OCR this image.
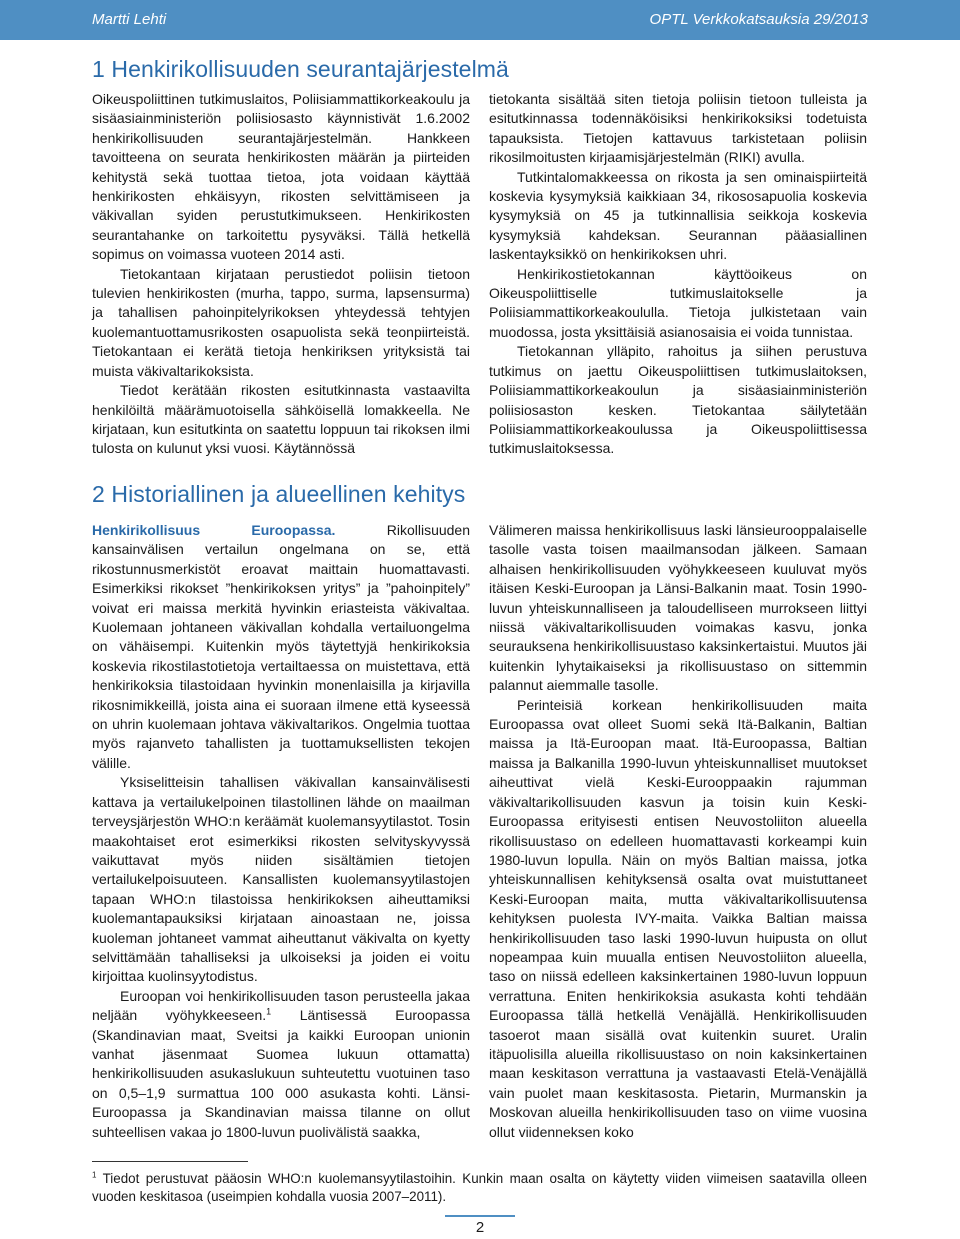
Martti Lehti	OPTL Verkkokatsauksia 29/2013
1 Henkirikollisuuden seurantajärjestelmä

Oikeuspoliittinen tutkimuslaitos, Poliisiammattikorkeakoulu ja sisäasiainministeriön poliisiosasto käynnistivät 1.6.2002 henkirikollisuuden seurantajärjestelmän. Hankkeen tavoitteena on seurata henkirikosten määrän ja piirteiden kehitystä sekä tuottaa tietoa, jota voidaan käyttää henkirikosten ehkäisyyn, rikosten selvittämiseen ja väkivallan syiden perustutkimukseen. Henkirikosten seurantahanke on tarkoitettu pysyväksi. Tällä hetkellä sopimus on voimassa vuoteen 2014 asti.

Tietokantaan kirjataan perustiedot poliisin tietoon tulevien henkirikosten (murha, tappo, surma, lapsensurma) ja tahallisen pahoinpitelyrikoksen yhteydessä tehtyjen kuolemantuottamusrikosten osapuolista sekä teonpiirteistä. Tietokantaan ei kerätä tietoja henkiriksen yrityksistä tai muista väkivaltarikoksista.

Tiedot kerätään rikosten esitutkinnasta vastaavilta henkilöiltä määrämuotoisella sähköisellä lomakkeella. Ne kirjataan, kun esitutkinta on saatettu loppuun tai rikoksen ilmi tulosta on kulunut yksi vuosi. Käytännössä

tietokanta sisältää siten tietoja poliisin tietoon tulleista ja esitutkinnassa todennäköisiksi henkirikoksiksi todetuista tapauksista. Tietojen kattavuus tarkistetaan poliisin rikosilmoitusten kirjaamisjärjestelmän (RIKI) avulla.

Tutkintalomakkeessa on rikosta ja sen ominaispiirteitä koskevia kysymyksiä kaikkiaan 34, rikososapuolia koskevia kysymyksiä on 45 ja tutkinnallisia seikkoja koskevia kysymyksiä kahdeksan. Seurannan pääasiallinen laskentayksikkö on henkirikoksen uhri.

Henkirikostietokannan käyttöoikeus on Oikeuspoliittiselle tutkimuslaitokselle ja Poliisiammattikorkeakoululla. Tietoja julkistetaan vain muodossa, josta yksittäisiä asianosaisia ei voida tunnistaa.

Tietokannan ylläpito, rahoitus ja siihen perustuva tutkimus on jaettu Oikeuspoliittisen tutkimuslaitoksen, Poliisiammattikorkeakoulun ja sisäasiainministeriön poliisiosaston kesken. Tietokantaa säilytetään Poliisiammattikorkeakoulussa ja Oikeuspoliittisessa tutkimuslaitoksessa.

2 Historiallinen ja alueellinen kehitys

Henkirikollisuus Euroopassa. Rikollisuuden kansainvälisen vertailun ongelmana on se, että rikostunnusmerkistöt eroavat maittain huomattavasti. Esimerkiksi rikokset ”henkirikoksen yritys” ja ”pahoinpitely” voivat eri maissa merkitä hyvinkin eriasteista väkivaltaa. Kuolemaan johtaneen väkivallan kohdalla vertailuongelma on vähäisempi. Kuitenkin myös täytettyjä henkirikoksia koskevia rikostilastotietoja vertailtaessa on muistettava, että henkirikoksia tilastoidaan hyvinkin monenlaisilla ja kirjavilla rikosnimikkeillä, joista aina ei suoraan ilmene että kyseessä on uhrin kuolemaan johtava väkivaltarikos. Ongelmia tuottaa myös rajanveto tahallisten ja tuottamuksellisten tekojen välille.

Yksiselitteisin tahallisen väkivallan kansainvälisesti kattava ja vertailukelpoinen tilastollinen lähde on maailman terveysjärjestön WHO:n keräämät kuolemansyytilastot. Tosin maakohtaiset erot esimerkiksi rikosten selvityskyvyssä vaikuttavat myös niiden sisältämien tietojen vertailukelpoisuuteen. Kansallisten kuolemansyytilastojen tapaan WHO:n tilastoissa henkirikoksen aiheuttamiksi kuolemantapauksiksi kirjataan ainoastaan ne, joissa kuoleman johtaneet vammat aiheuttanut väkivalta on kyetty selvittämään tahalliseksi ja ulkoiseksi ja joiden ei voitu kirjoittaa kuolinsyytodistus.

Euroopan voi henkirikollisuuden tason perusteella jakaa neljään vyöhykkeeseen.$^1$ Läntisessä Euroopassa (Skandinavian maat, Sveitsi ja kaikki Euroopan unionin vanhat jäsenmaat Suomea lukuun ottamatta) henkirikollisuuden asukaslukuun suhteutettu vuotuinen taso on 0,5–1,9 surmattua 100 000 asukasta kohti. Länsi-Euroopassa ja Skandinavian maissa tilanne on ollut suhteellisen vakaa jo 1800-luvun puolivälistä saakka,

Välimeren maissa henkirikollisuus laski länsieurooppalaiselle tasolle vasta toisen maailmansodan jälkeen. Samaan alhaisen henkirikollisuuden vyöhykkeeseen kuuluvat myös itäisen Keski-Euroopan ja Länsi-Balkanin maat. Tosin 1990-luvun yhteiskunnalliseen ja taloudelliseen murrokseen liittyi niissä väkivaltarikollisuuden voimakas kasvu, jonka seurauksena henkirikollisuustaso kaksinkertaistui. Muutos jäi kuitenkin lyhytaikaiseksi ja rikollisuustaso on sittemmin palannut aiemmalle tasolle.

Perinteisiä korkean henkirikollisuuden maita Euroopassa ovat olleet Suomi sekä Itä-Balkanin, Baltian maissa ja Itä-Euroopan maat. Itä-Euroopassa, Baltian maissa ja Balkanilla 1990-luvun yhteiskunnalliset muutokset aiheuttivat vielä Keski-Eurooppaakin rajumman väkivaltarikollisuuden kasvun ja toisin kuin Keski-Euroopassa erityisesti entisen Neuvostoliiton alueella rikollisuustaso on edelleen huomattavasti korkeampi kuin 1980-luvun lopulla. Näin on myös Baltian maissa, jotka yhteiskunnallisen kehityksensä osalta ovat muistuttaneet Keski-Euroopan maita, mutta väkivaltarikollisuutensa kehityksen puolesta IVY-maita. Vaikka Baltian maissa henkirikollisuuden taso laski 1990-luvun huipusta on ollut nopeampaa kuin muualla entisen Neuvostoliiton alueella, taso on niissä edelleen kaksinkertainen 1980-luvun loppuun verrattuna. Eniten henkirikoksia asukasta kohti tehdään Euroopassa tällä hetkellä Venäjällä. Henkirikollisuuden tasoerot maan sisällä ovat kuitenkin suuret. Uralin itäpuolisilla alueilla rikollisuustaso on noin kaksinkertainen maan keskitason verrattuna ja vastaavasti Etelä-Venäjällä vain puolet maan keskitasosta. Pietarin, Murmanskin ja Moskovan alueilla henkirikollisuuden taso on viime vuosina ollut viidenneksen koko

$^1$ Tiedot perustuvat pääosin WHO:n kuolemansyytilastoihin. Kunkin maan osalta on käytetty viiden viimeisen saatavilla olleen vuoden keskitasoa (useimpien kohdalla vuosia 2007–2011).
2
